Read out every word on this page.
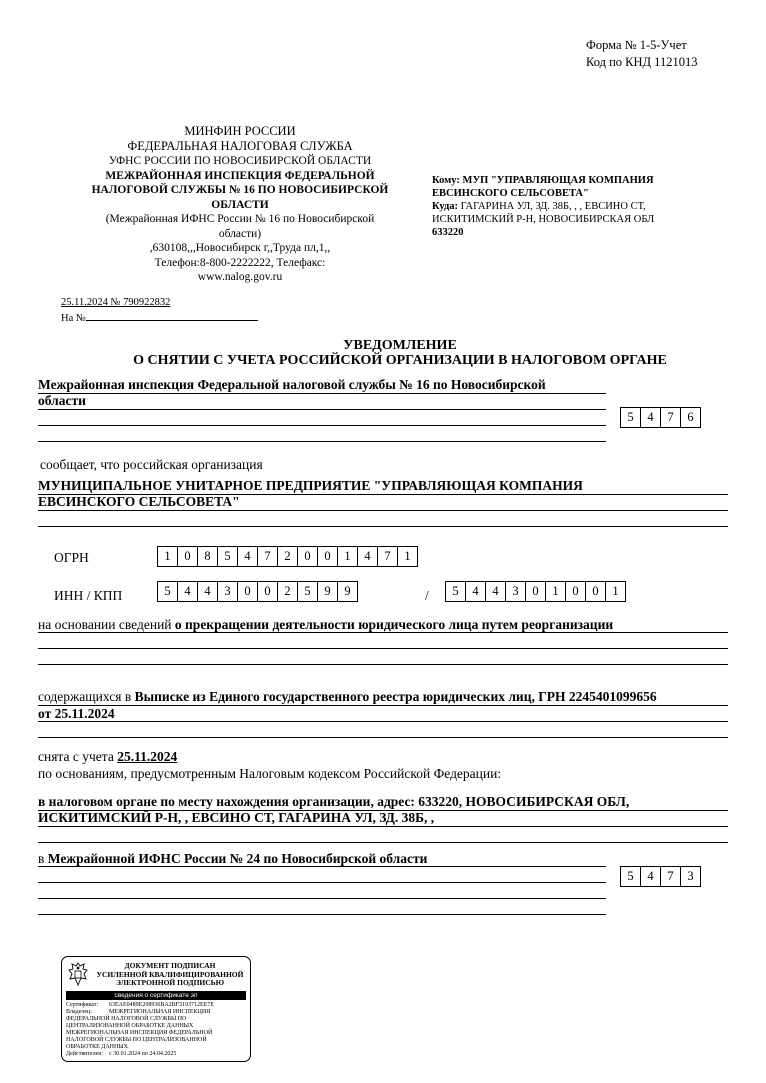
Форма № 1-5-Учет
Код по КНД 1121013
МИНФИН РОССИИ
ФЕДЕРАЛЬНАЯ НАЛОГОВАЯ СЛУЖБА
УФНС РОССИИ ПО НОВОСИБИРСКОЙ ОБЛАСТИ
МЕЖРАЙОННАЯ ИНСПЕКЦИЯ ФЕДЕРАЛЬНОЙ
НАЛОГОВОЙ СЛУЖБЫ № 16 ПО НОВОСИБИРСКОЙ
ОБЛАСТИ
(Межрайонная ИФНС России № 16 по Новосибирской
области)
,630108,,,Новосибирск г,,Труда пл,1,,
Телефон:8-800-2222222, Телефакс:
www.nalog.gov.ru
Кому: МУП "УПРАВЛЯЮЩАЯ КОМПАНИЯ
ЕВСИНСКОГО СЕЛЬСОВЕТА"
Куда: ГАГАРИНА УЛ, ЗД. 38Б, , , ЕВСИНО СТ,
ИСКИТИМСКИЙ Р-Н, НОВОСИБИРСКАЯ ОБЛ
633220
25.11.2024 № 790922832
На №
УВЕДОМЛЕНИЕ
О СНЯТИИ С УЧЕТА РОССИЙСКОЙ ОРГАНИЗАЦИИ В НАЛОГОВОМ ОРГАНЕ
Межрайонная инспекция Федеральной налоговой службы № 16 по Новосибирской
области
5	4	7	6
сообщает, что российская организация
МУНИЦИПАЛЬНОЕ УНИТАРНОЕ ПРЕДПРИЯТИЕ "УПРАВЛЯЮЩАЯ КОМПАНИЯ
ЕВСИНСКОГО СЕЛЬСОВЕТА"
ОГРН	1	0	8	5	4	7	2	0	0	1	4	7	1
ИНН / КПП	5	4	4	3	0	0	2	5	9	9	/	5	4	4	3	0	1	0	0	1
на основании сведений о прекращении деятельности юридического лица путем реорганизации
содержащихся в Выписке из Единого государственного реестра юридических лиц, ГРН 2245401099656
от 25.11.2024
снята с учета 25.11.2024
по основаниям, предусмотренным Налоговым кодексом Российской Федерации:
в налоговом органе по месту нахождения организации, адрес: 633220, НОВОСИБИРСКАЯ ОБЛ,
ИСКИТИМСКИЙ Р-Н, , ЕВСИНО СТ, ГАГАРИНА УЛ, ЗД. 38Б, ,
в Межрайонной ИФНС России № 24 по Новосибирской области
5	4	7	3
ДОКУМЕНТ ПОДПИСАН
УСИЛЕННОЙ КВАЛИФИЦИРОВАННОЙ
ЭЛЕКТРОННОЙ ПОДПИСЬЮ
сведения о сертификате эп
Сертификат:	63EAE0489E208936BA2BF3193712EE7E
Владелец:	МЕЖРЕГИОНАЛЬНАЯ ИНСПЕКЦИЯ
ФЕДЕРАЛЬНОЙ НАЛОГОВОЙ СЛУЖБЫ ПО
ЦЕНТРАЛИЗОВАННОЙ ОБРАБОТКЕ ДАННЫХ
МЕЖРЕГИОНАЛЬНАЯ ИНСПЕКЦИЯ ФЕДЕРАЛЬНОЙ
НАЛОГОВОЙ СЛУЖБЫ ПО ЦЕНТРАЛИЗОВАННОЙ
ОБРАБОТКЕ ДАННЫХ
Действителен: с 30.01.2024 по 24.04.2025
